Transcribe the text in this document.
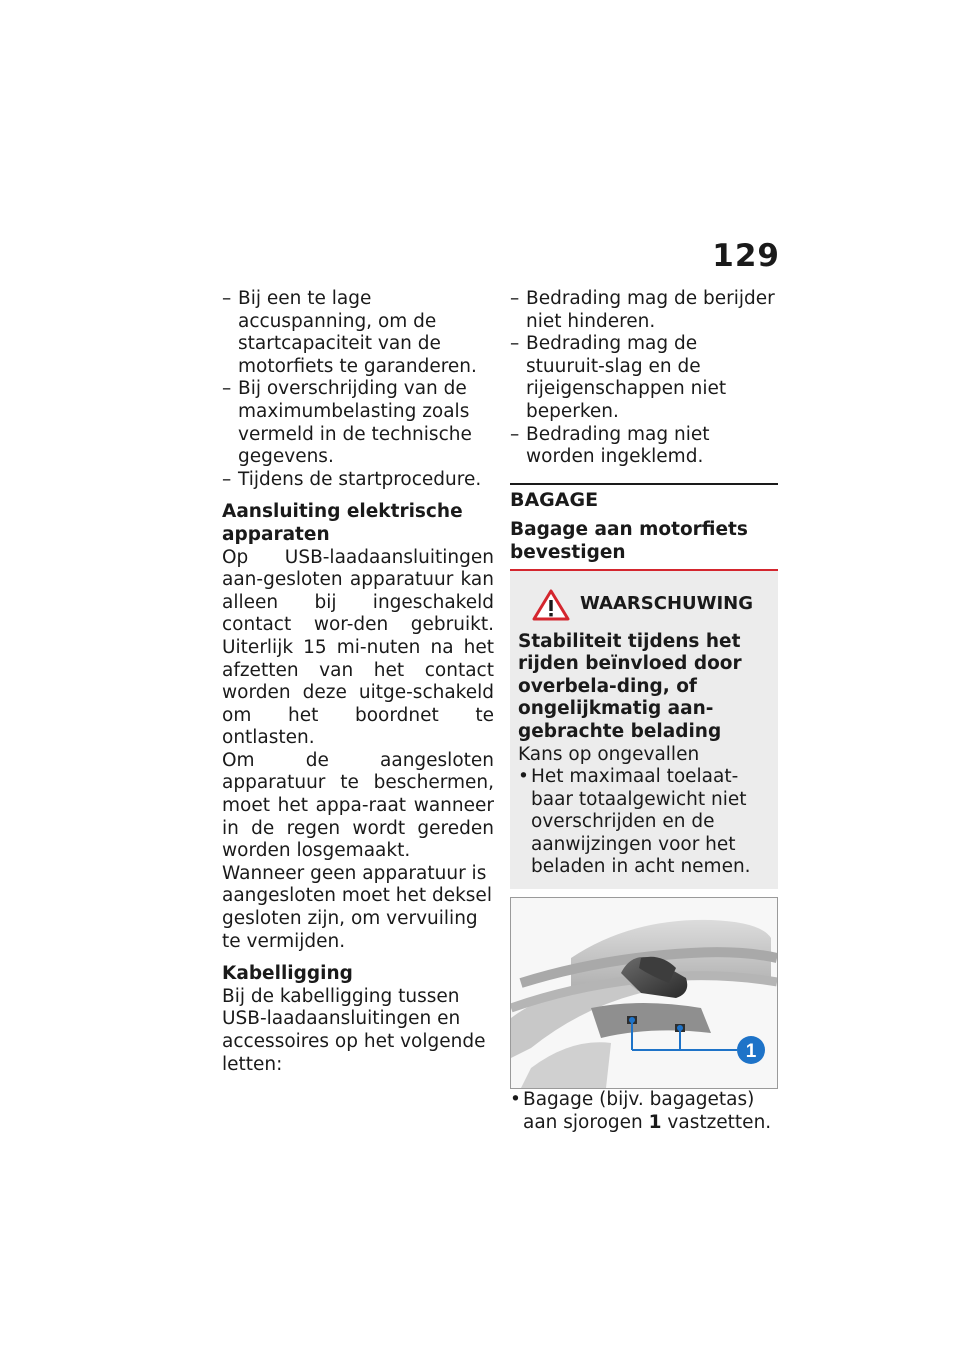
129
– Bij een te lage accuspanning, om de startcapaciteit van de motorfiets te garanderen.
– Bij overschrijding van de maximumbelasting zoals vermeld in de technische gegevens.
– Tijdens de startprocedure.
Aansluiting elektrische apparaten

Op USB-laadaansluitingen aan-gesloten apparatuur kan alleen bij ingeschakeld contact wor-den gebruikt. Uiterlijk 15 mi-nuten na het afzetten van het contact worden deze uitge-schakeld om het boordnet te ontlasten.

Om de aangesloten apparatuur te beschermen, moet het appa-raat wanneer in de regen wordt gereden worden losgemaakt.

Wanneer geen apparatuur is aangesloten moet het deksel gesloten zijn, om vervuiling te vermijden.

Kabelligging

Bij de kabelligging tussen USB-laadaansluitingen en accessoires op het volgende letten:

– Bedrading mag de berijder niet hinderen.
– Bedrading mag de stuuruit-slag en de rijeigenschappen niet beperken.
– Bedrading mag niet worden ingeklemd.
BAGAGE
Bagage aan motorfiets bevestigen
WAARSCHUWING

Stabiliteit tijdens het rijden beïnvloed door overbela-ding, of ongelijkmatig aan-gebrachte belading

Kans op ongevallen

• Het maximaal toelaat-baar totaalgewicht niet overschrijden en de aanwijzingen voor het beladen in acht nemen.
1
• Bagage (bijv. bagagetas) aan sjorogen 1 vastzetten.
